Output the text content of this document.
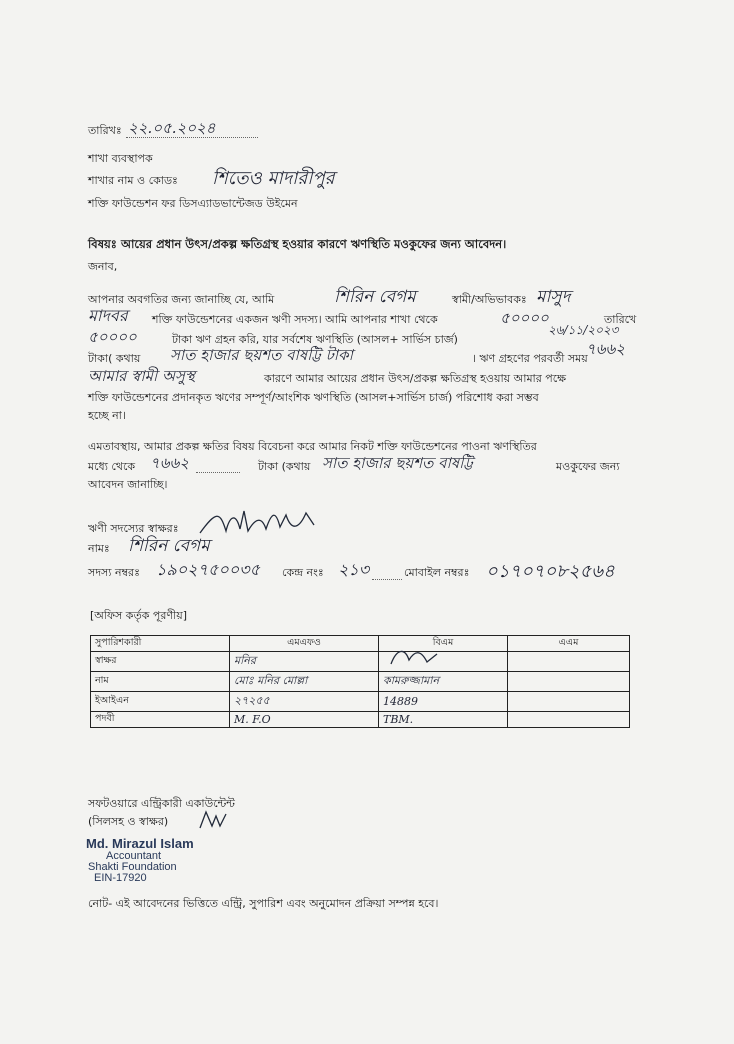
তারিখঃ ২২.০৫.২০২৪
শাখা ব্যবস্থাপক
শাখার নাম ও কোডঃ শিতেও মাদারীপুর
শক্তি ফাউন্ডেশন ফর ডিসএ্যাডভান্টেজড উইমেন
বিষয়ঃ আয়ের প্রধান উৎস/প্রকল্প ক্ষতিগ্রস্থ হওয়ার কারণে ঋণস্থিতি মওকুফের জন্য আবেদন।
জনাব,
আপনার অবগতির জন্য জানাচ্ছি যে, আমি	শিরিন বেগম	স্বামী/অভিভাবকঃ মাসুদ
মাদবর শক্তি ফাউন্ডেশনের একজন ঋণী সদস্য। আমি আপনার শাখা থেকে	৫০০০০
২৬/১১/২০২৩
তারিখে
৫০০০০	টাকা ঋণ গ্রহন করি, যার সর্বশেষ ঋণস্থিতি (আসল+ সার্ভিস চার্জ)
৭৬৬২
টাকা( কথায় সাত হাজার ছয়শত বাষট্টি টাকা	। ঋণ গ্রহণের পরবর্তী সময়
আমার স্বামী অসুস্থ	কারণে আমার আয়ের প্রধান উৎস/প্রকল্প ক্ষতিগ্রস্থ হওয়ায় আমার পক্ষে
শক্তি ফাউন্ডেশনের প্রদানকৃত ঋণের সম্পূর্ণ/আংশিক ঋণস্থিতি (আসল+সার্ভিস চার্জ) পরিশোধ করা সম্ভব
হচ্ছে না।
এমতাবস্থায়, আমার প্রকল্প ক্ষতির বিষয় বিবেচনা করে আমার নিকট শক্তি ফাউন্ডেশনের পাওনা ঋণস্থিতির
মধ্যে থেকে ৭৬৬২	টাকা (কথায় সাত হাজার ছয়শত বাষট্টি	মওকুফের জন্য
আবেদন জানাচ্ছি।
ঋণী সদস্যের স্বাক্ষরঃ
নামঃ শিরিন বেগম
সদস্য নম্বরঃ ১৯০২৭৫০০৩৫ কেন্দ্র নংঃ ২১৩	মোবাইল নম্বরঃ ০১৭০৭০৮২৫৬৪
[অফিস কর্তৃক পূরণীয়]
সুপারিশকারী	এমএফও	বিএম	এএম
স্বাক্ষর	মনির	

নাম	মোঃ মনির মোল্লা	কামরুজ্জামান	
ইআইএন	২৭২৫৫	14889	
পদবী	M. F.O	TBM.	
সফটওয়ারে এন্ট্রিকারী একাউন্টেন্ট
(সিলসহ ও স্বাক্ষর)
Md. Mirazul Islam
Accountant
Shakti Foundation
EIN-17920
নোট- এই আবেদনের ভিত্তিতে এন্ট্রি, সুপারিশ এবং অনুমোদন প্রক্রিয়া সম্পন্ন হবে।
